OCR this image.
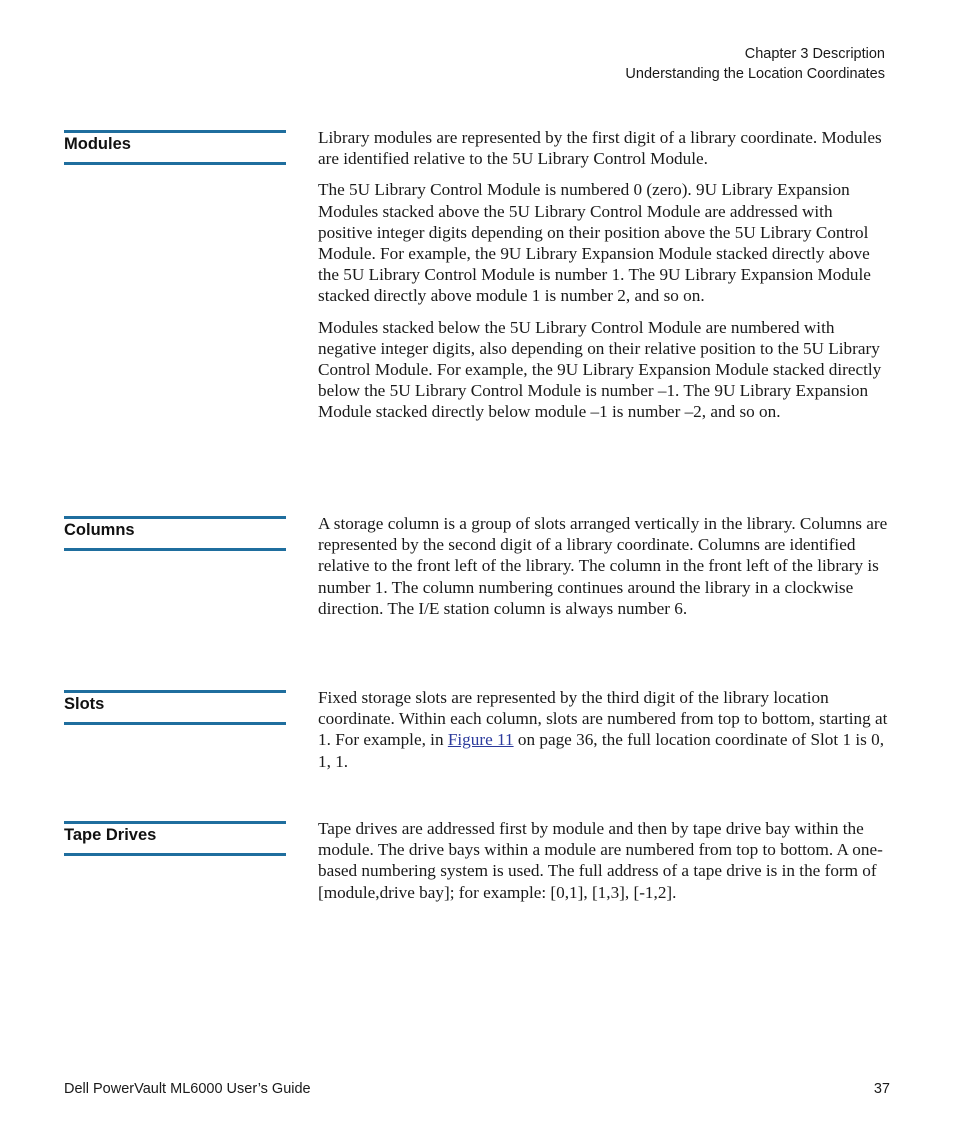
Chapter 3 Description
Understanding the Location Coordinates
Modules	Library modules are represented by the first digit of a library coordinate. Modules are identified relative to the 5U Library Control Module.

The 5U Library Control Module is numbered 0 (zero). 9U Library Expansion Modules stacked above the 5U Library Control Module are addressed with positive integer digits depending on their position above the 5U Library Control Module. For example, the 9U Library Expansion Module stacked directly above the 5U Library Control Module is number 1. The 9U Library Expansion Module stacked directly above module 1 is number 2, and so on.

Modules stacked below the 5U Library Control Module are numbered with negative integer digits, also depending on their relative position to the 5U Library Control Module. For example, the 9U Library Expansion Module stacked directly below the 5U Library Control Module is number –1. The 9U Library Expansion Module stacked directly below module –1 is number –2, and so on.

Columns	A storage column is a group of slots arranged vertically in the library. Columns are represented by the second digit of a library coordinate. Columns are identified relative to the front left of the library. The column in the front left of the library is number 1. The column numbering continues around the library in a clockwise direction. The I/E station column is always number 6.

Slots	Fixed storage slots are represented by the third digit of the library location coordinate. Within each column, slots are numbered from top to bottom, starting at 1. For example, in Figure 11 on page 36, the full location coordinate of Slot 1 is 0, 1, 1.

Tape Drives	Tape drives are addressed first by module and then by tape drive bay within the module. The drive bays within a module are numbered from top to bottom. A one-based numbering system is used. The full address of a tape drive is in the form of [module,drive bay]; for example: [0,1], [1,3], [-1,2].

Dell PowerVault ML6000 User’s Guide	37
